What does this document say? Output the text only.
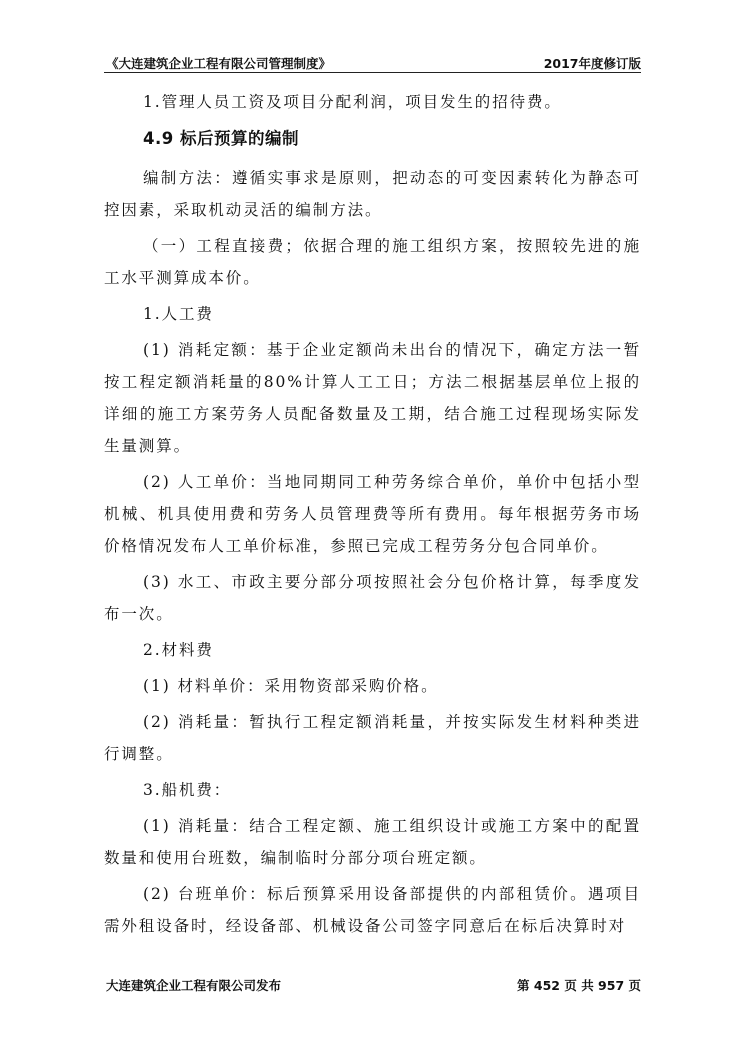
《大连建筑企业工程有限公司管理制度》	2017年度修订版

1.管理人员工资及项目分配利润，项目发生的招待费。

4.9 标后预算的编制

编制方法：遵循实事求是原则，把动态的可变因素转化为静态可控因素，采取机动灵活的编制方法。

（一）工程直接费；依据合理的施工组织方案，按照较先进的施工水平测算成本价。

1.人工费

(1) 消耗定额：基于企业定额尚未出台的情况下，确定方法一暂按工程定额消耗量的80%计算人工工日；方法二根据基层单位上报的详细的施工方案劳务人员配备数量及工期，结合施工过程现场实际发生量测算。

(2) 人工单价：当地同期同工种劳务综合单价，单价中包括小型机械、机具使用费和劳务人员管理费等所有费用。每年根据劳务市场价格情况发布人工单价标准，参照已完成工程劳务分包合同单价。

(3) 水工、市政主要分部分项按照社会分包价格计算，每季度发布一次。

2.材料费

(1) 材料单价：采用物资部采购价格。

(2) 消耗量：暂执行工程定额消耗量，并按实际发生材料种类进行调整。

3.船机费：

(1) 消耗量：结合工程定额、施工组织设计或施工方案中的配置数量和使用台班数，编制临时分部分项台班定额。

(2) 台班单价：标后预算采用设备部提供的内部租赁价。遇项目需外租设备时，经设备部、机械设备公司签字同意后在标后决算时对

大连建筑企业工程有限公司发布	第 452 页 共 957 页
